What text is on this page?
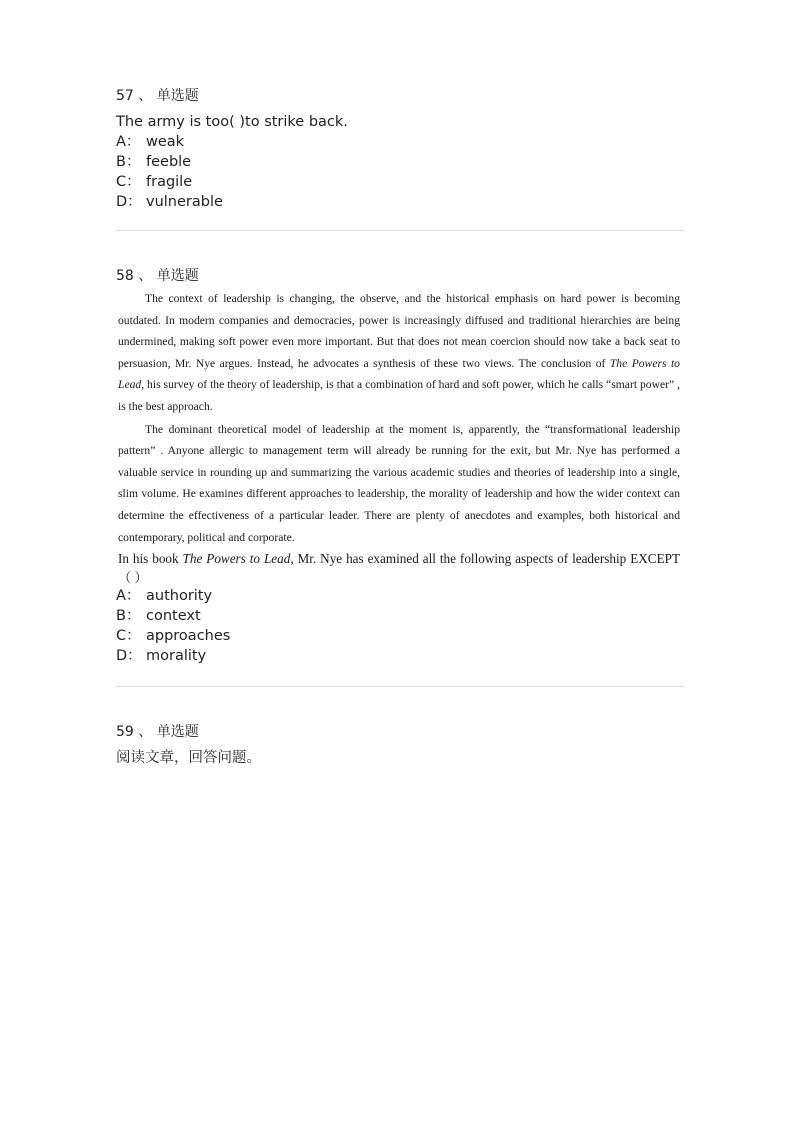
57 、 单选题
The army is too( )to strike back.
A： weak
B： feeble
C： fragile
D： vulnerable
58 、 单选题

The context of leadership is changing, the observe, and the historical emphasis on hard power is becoming outdated. In modern companies and democracies, power is increasingly diffused and traditional hierarchies are being undermined, making soft power even more important. But that does not mean coercion should now take a back seat to persuasion, Mr. Nye argues. Instead, he advocates a synthesis of these two views. The conclusion of The Powers to Lead, his survey of the theory of leadership, is that a combination of hard and soft power, which he calls “smart power” , is the best approach.

The dominant theoretical model of leadership at the moment is, apparently, the “transformational leadership pattern” . Anyone allergic to management term will already be running for the exit, but Mr. Nye has performed a valuable service in rounding up and summarizing the various academic studies and theories of leadership into a single, slim volume. He examines different approaches to leadership, the morality of leadership and how the wider context can determine the effectiveness of a particular leader. There are plenty of anecdotes and examples, both historical and contemporary, political and corporate.

In his book The Powers to Lead, Mr. Nye has examined all the following aspects of leadership EXCEPT（ ）

A： authority
B： context
C： approaches
D： morality
59 、 单选题
阅读文章，回答问题。
